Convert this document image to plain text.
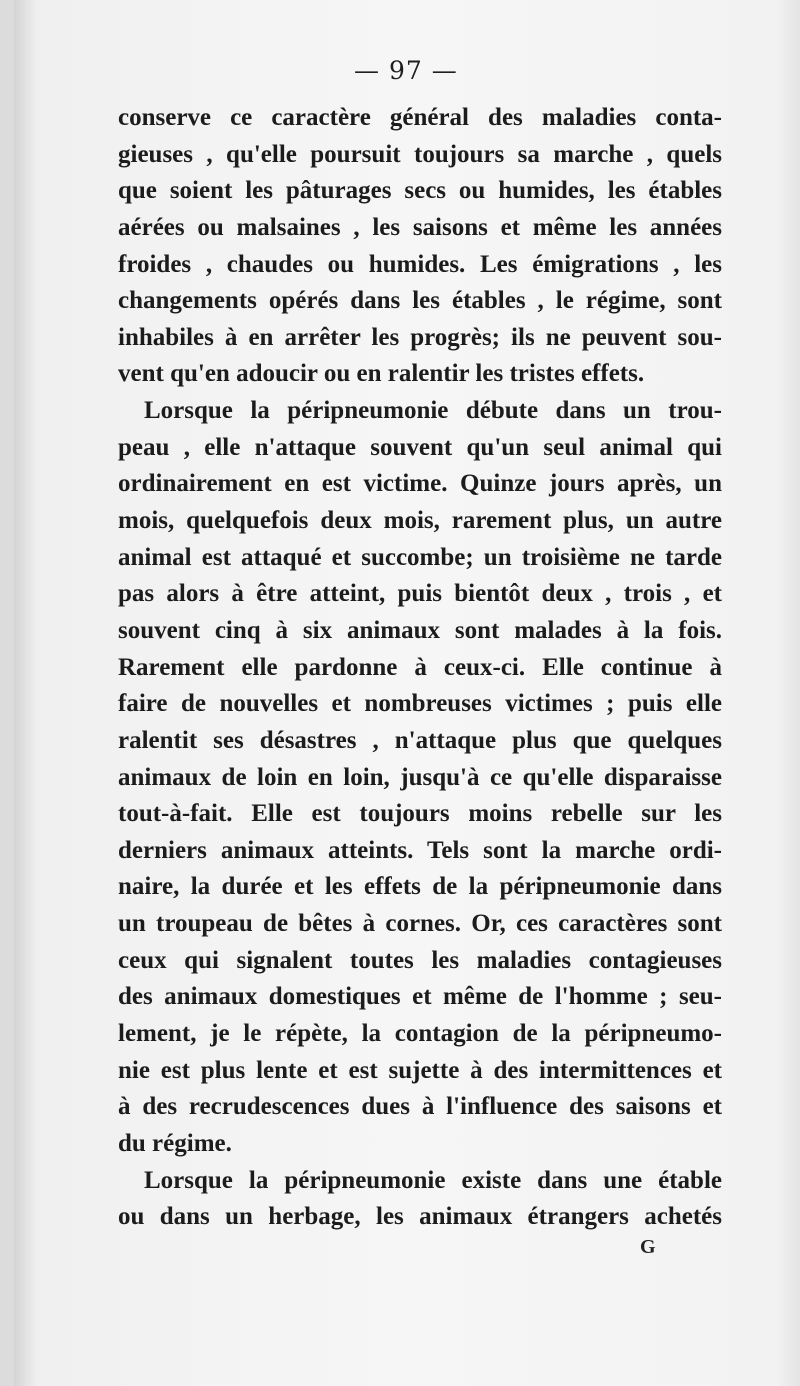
— 97 —
conserve ce caractère général des maladies conta-
gieuses , qu'elle poursuit toujours sa marche , quels
que soient les pâturages secs ou humides, les étables
aérées ou malsaines , les saisons et même les années
froides , chaudes ou humides. Les émigrations , les
changements opérés dans les étables , le régime, sont
inhabiles à en arrêter les progrès; ils ne peuvent sou-
vent qu'en adoucir ou en ralentir les tristes effets.
Lorsque la péripneumonie débute dans un trou-
peau , elle n'attaque souvent qu'un seul animal qui
ordinairement en est victime. Quinze jours après, un
mois, quelquefois deux mois, rarement plus, un autre
animal est attaqué et succombe; un troisième ne tarde
pas alors à être atteint, puis bientôt deux , trois , et
souvent cinq à six animaux sont malades à la fois.
Rarement elle pardonne à ceux-ci. Elle continue à
faire de nouvelles et nombreuses victimes ; puis elle
ralentit ses désastres , n'attaque plus que quelques
animaux de loin en loin, jusqu'à ce qu'elle disparaisse
tout-à-fait. Elle est toujours moins rebelle sur les
derniers animaux atteints. Tels sont la marche ordi-
naire, la durée et les effets de la péripneumonie dans
un troupeau de bêtes à cornes. Or, ces caractères sont
ceux qui signalent toutes les maladies contagieuses
des animaux domestiques et même de l'homme ; seu-
lement, je le répète, la contagion de la péripneumo-
nie est plus lente et est sujette à des intermittences et
à des recrudescences dues à l'influence des saisons et
du régime.
Lorsque la péripneumonie existe dans une étable
ou dans un herbage, les animaux étrangers achetés
G
